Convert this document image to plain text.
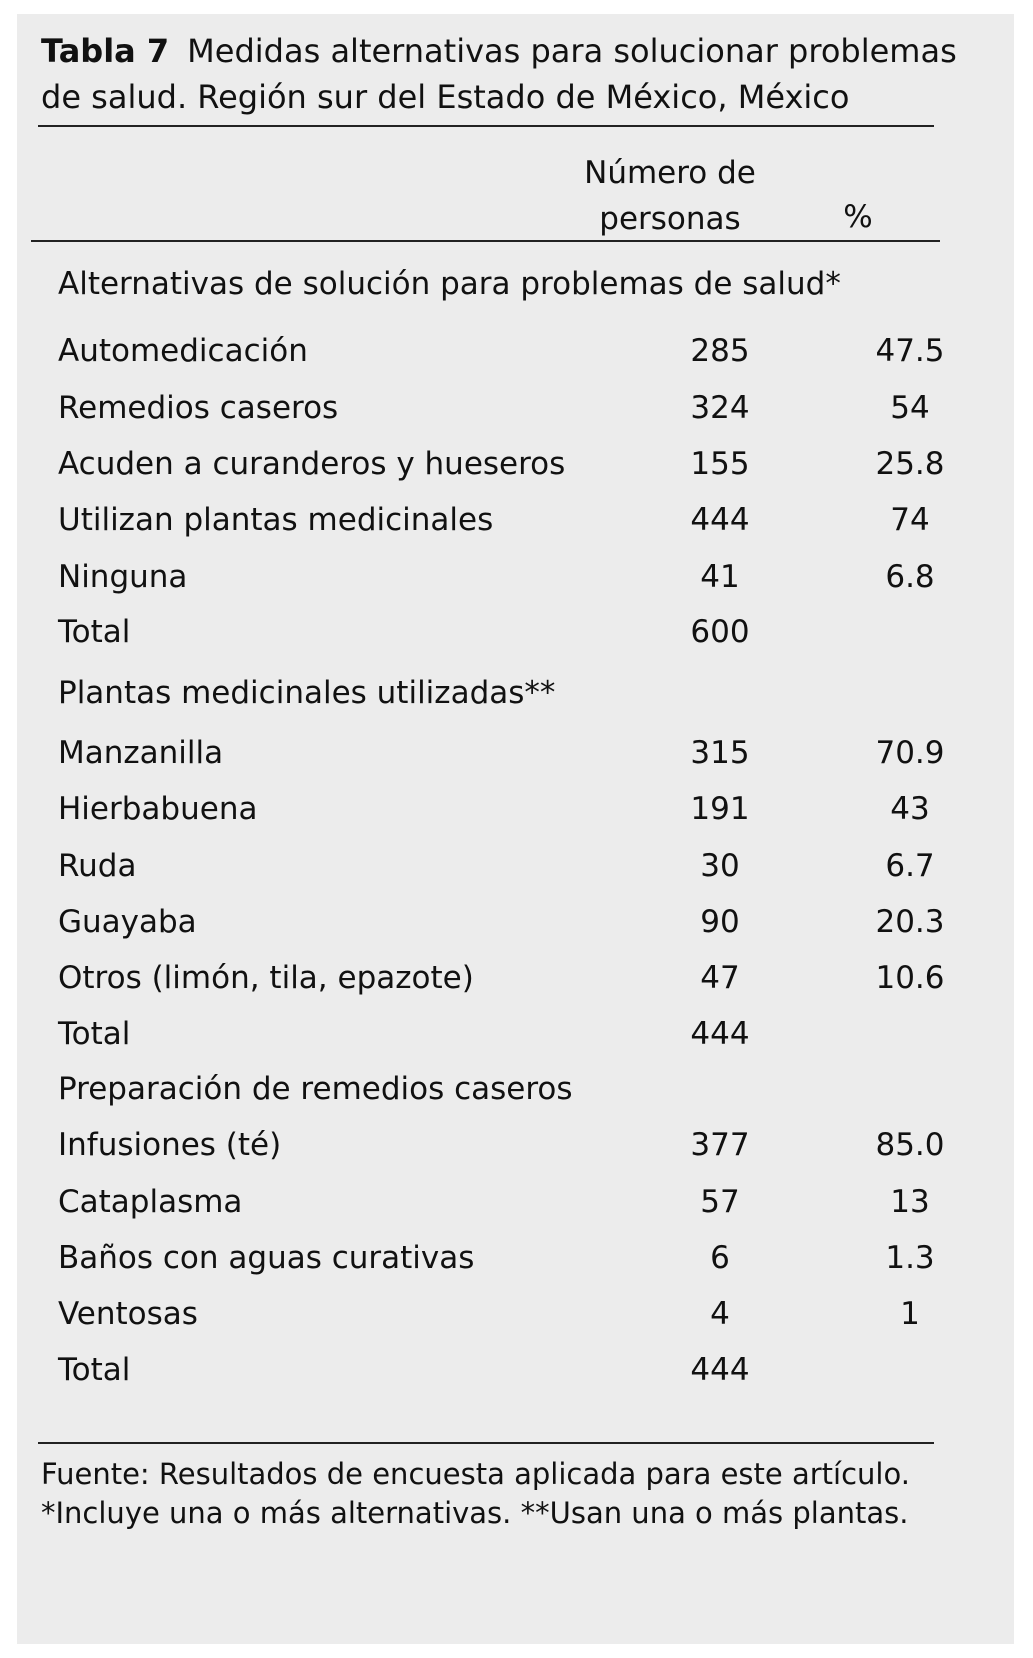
Tabla 7 Medidas alternativas para solucionar problemas de salud. Región sur del Estado de México, México
Número de
personas	%
Alternativas de solución para problemas de salud*
Automedicación	285	47.5
Remedios caseros	324	54
Acuden a curanderos y hueseros	155	25.8
Utilizan plantas medicinales	444	74
Ninguna	41	6.8
Total	600
Plantas medicinales utilizadas**
Manzanilla	315	70.9
Hierbabuena	191	43
Ruda	30	6.7
Guayaba	90	20.3
Otros (limón, tila, epazote)	47	10.6
Total	444
Preparación de remedios caseros
Infusiones (té)	377	85.0
Cataplasma	57	13
Baños con aguas curativas	6	1.3
Ventosas	4	1
Total	444
Fuente: Resultados de encuesta aplicada para este artículo.
*Incluye una o más alternativas. **Usan una o más plantas.
